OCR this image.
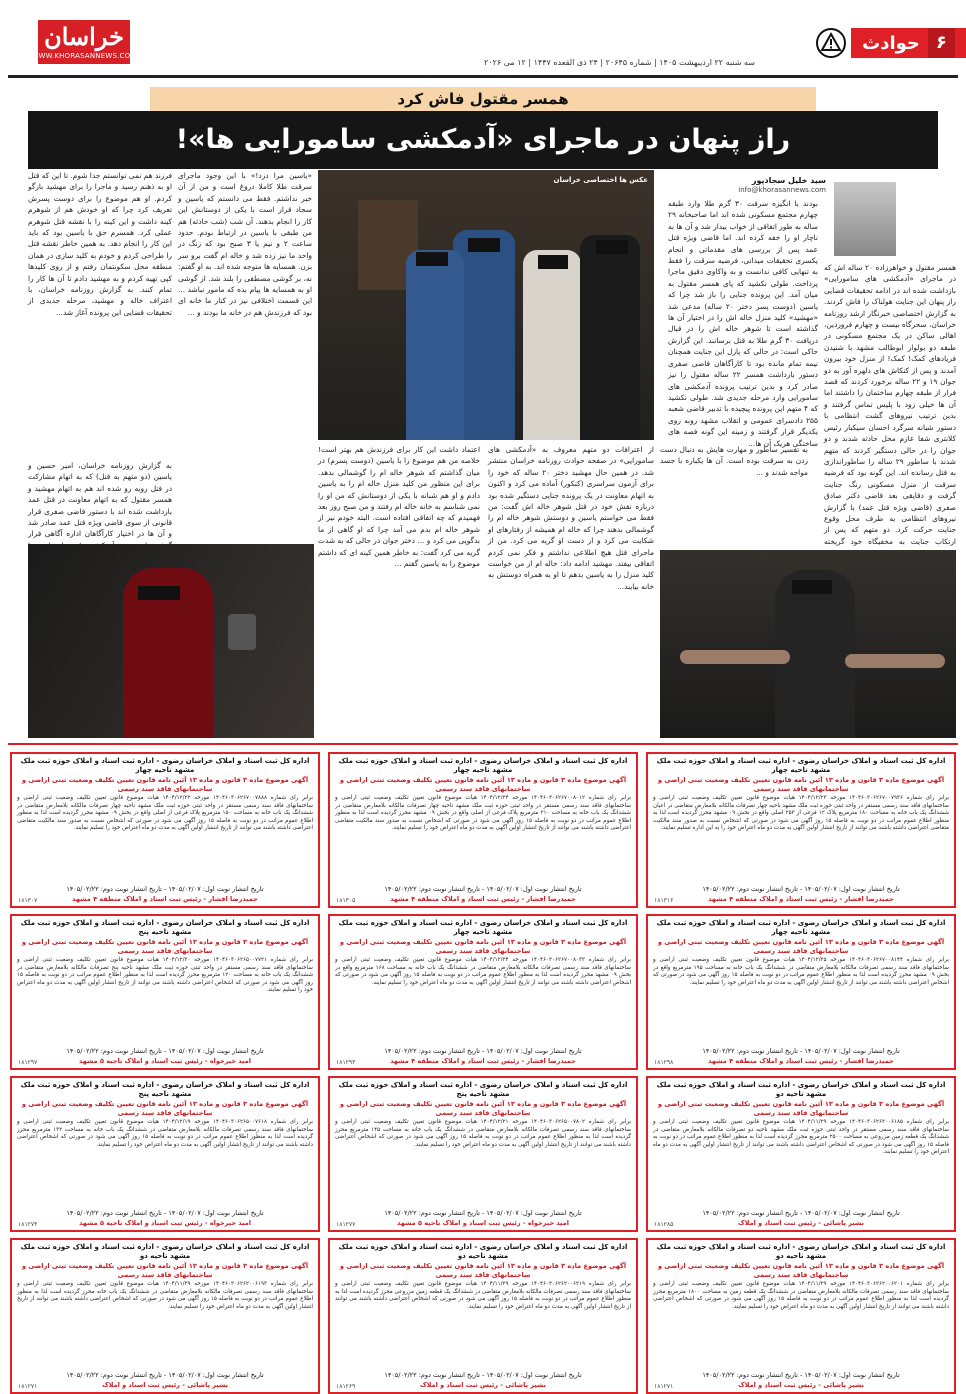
۶
حوادث
خراسان
WWW.KHORASANNEWS.COM
سه شنبه ۲۲ اردیبهشت ۱۴۰۵ | شماره ۲۰۶۴۵ | ۲۴ ذی القعده ۱۴۴۷ | ۱۲ می ۲۰۲۶
همسر مقتول فاش کرد
راز پنهان در ماجرای «آدمکشی سامورایی ها»!
سید خلیل سجادپور
info@khorasannews.com
همسر مقتول و خواهرزاده ۲۰ ساله اش که در ماجرای «آدمکشی های سامورایی» بازداشت شده اند در ادامه تحقیقات قضایی راز پنهان این جنایت هولناک را فاش کردند. به گزارش اختصاصی خبرنگار ارشد روزنامه خراسان، سحرگاه بیست و چهارم فروردین، اهالی ساکن در یک مجتمع مسکونی در طبقه دو بولوار ابوطالب مشهد با شنیدن فریادهای کمک! کمک! از منزل خود بیرون آمدند و پس از کنکاش های دلهره آور به دو جوان ۱۹ و ۲۲ ساله برخورد کردند که قصد فرار از طبقه چهارم ساختمان را داشتند اما آن ها خیلی زود با پلیس تماس گرفتند و بدین ترتیب نیروهای گشت انتظامی با دستور شبانه سرگرد احسان سیکبار رئیس کلانتری شفا عازم محل حادثه شدند و دو جوان را در حالی دستگیر کردند که متهم شدند با ساطور ۲۹ ساله را ساطوراندازی به قتل رسانده اند. این گونه بود که فرضیه سرقت از منزل مسکونی رنگ جنایت گرفت و دقایقی بعد قاضی دکتر صادق صفری (قاضی ویژه قتل عمد) با گزارش نیروهای انتظامی به طرف محل وقوع جنایت حرکت کرد. دو متهم که پس از ارتکاب جنایت به مخفیگاه خود گریخته
بودند با انگیزه سرقت ۳۰ گرم طلا وارد طبقه چهارم مجتمع مسکونی شده اند اما صاحبخانه ۲۹ ساله به طور اتفاقی از خواب بیدار شد و آن ها به ناچار او را خفه کرده اند. اما قاضی ویژه قتل عمد پس از بررسی های مقدماتی و انجام یکسری تحقیقات میدانی، فرضیه سرقت را فقط به تنهایی کافی ندانست و به واکاوی دقیق ماجرا پرداخت. طولی نکشید که پای همسر مقتول به میان آمد. این پرونده جنایی را باز شد چرا که یاسین (دوست پسر دختر ۲۰ ساله) مدعی شد «مهشید» کلید منزل خاله اش را در اختیار آن ها گذاشته است تا شوهر خاله اش را در قبال دریافت ۳۰ گرم طلا به قتل برسانند. این گزارش حاکی است: در حالی که پازل این جنایت همچنان نیمه تمام مانده بود تا کارآگاهان قاضی صفری دستور بازداشت همسر ۲۲ ساله مقتول را نیز صادر کرد و بدین ترتیب پرونده آدمکشی های سامورایی وارد مرحله جدیدی شد. طولی نکشید که ۴ متهم این پرونده پیچیده با تدبیر قاضی شعبه ۲۵۵ دادسرای عمومی و انقلاب مشهد روبه روی یکدیگر قرار گرفتند و زمینه این گونه فصه های ساختگی هریک آن ها...
عکس ها اختصاصی خراسان
از اعترافات دو متهم معروف به «آدمکشی های سامورایی» در صفحه حوادث روزنامه خراسان منتشر شد. در همین حال مهشید دختر ۲۰ ساله که خود را برای آزمون سراسری (کنکور) آماده می کرد و اکنون به اتهام معاونت در یک پرونده جنایی دستگیر شده بود درباره نقش خود در قتل شوهر خاله اش گفت: من فقط می خواستم یاسین و دوستش شوهر خاله ام را گوشمالی بدهند چرا که خاله ام همیشه از رفتارهای او شکایت می کرد و از دست او گریه می کرد. من از ماجرای قتل هیچ اطلاعی نداشتم و فکر نمی کردم اتفاقی بیفتد. مهشید ادامه داد: خاله ام از من خواست کلید منزل را به یاسین بدهم تا او به همراه دوستش به خانه بیایند...
اعتماد داشت این کار برای فرزندش هم بهتر است! خلاصه من هم موضوع را با یاسین (دوست پسرم) در میان گذاشتم که شوهر خاله ام را گوشمالی بدهد. برای این منظور من کلید منزل خاله ام را به یاسین دادم و او هم شبانه با یکی از دوستانش که من او را نمی شناسم به خانه خاله ام رفتند و من صبح روز بعد فهمیدم که چه اتفاقی افتاده است. البته خودم نیز از شوهر خاله ام بدم می آمد چرا که او گاهی از ما بدگویی می کرد و ... دختر جوان در حالی که به شدت گریه می کرد گفت: به خاطر همین کینه ای که داشتم موضوع را به یاسین گفتم ...
«یاسین مرا دزد!» با این وجود ماجرای سرقت طلا کاملا دروغ است و من از آن خبر نداشتم. فقط می دانستم که یاسین و سجاد قرار است با یکی از دوستانش این کار را انجام بدهند. آن شب (شب حادثه) هم من طبقی با یاسین در ارتباط بودم. حدود ساعت ۲ و نیم یا ۳ صبح بود که زنگ در واحد ما نیز زده شد و خاله ام گفت برو سر بزن. همسایه ها متوجه شده اند. به او گفتم: نه، بر گوشی مصطفی را بلند شد. از گوشی او به همسایه ها پیام بده که مامور نباشد ... این قسمت اختلافی نیز در کنار ما خانه ای بود که فرزندش هم در خانه ما بودند و ...
فرزند هم نمی توانستم جدا شوم. تا این که قتل او به ذهنم رسید و ماجرا را برای مهشید بازگو کردم. او هم موضوع را برای دوست پسرش تعریف کرد چرا که او خودش هم از شوهرم کینه داشت و این کینه را با نقشه قتل شوهرم عملی کرد. همسرم حق با یاسین بود که باید این کار را انجام دهد. به همین خاطر نقشه قتل را طراحی کردم و خودم به کلید سازی در همان منطقه محل سکونتمان رفتم و از روی کلیدها کپی تهیه کردم و به مهشید دادم تا آن ها کار را تمام کنند. به گزارش روزنامه خراسان، با اعتراف خاله و مهشید، مرحله جدیدی از تحقیقات قضایی این پرونده آغاز شد...
به گزارش روزنامه خراسان، امیر حسین و یاسین (دو متهم به قتل) که به اتهام مشارکت در قتل روبه رو شده اند هم به اتهام مهشید و همسر مقتول که به اتهام معاونت در قتل عمد بازداشت شده اند با دستور قاضی صفری قرار قانونی از سوی قاضی ویژه قتل عمد صادر شد و آن ها در اختیار کارآگاهان اداره آگاهی قرار
به تفسیر ساطور و مهارت هایش به دنبال دست زدن به سرقت بوده است. آن ها یکباره با جسد مواجه شدند و ...
اداره کل ثبت اسناد و املاک خراسان رضوی - اداره ثبت اسناد و املاک حوزه ثبت ملک مشهد ناحیه چهار
آگهی موضوع ماده ۳ قانون و ماده ۱۳ آئین نامه قانون تعیین تکلیف وضعیت ثبتی اراضی و ساختمانهای فاقد سند رسمی
برابر رای شماره ۱۴۰۴۶۰۳۰۶۲۶۷۰۰۷۹۳۶ مورخه ۱۴۰۴/۱۲/۲۳ هیات موضوع قانون تعیین تکلیف وضعیت ثبتی اراضی و ساختمانهای فاقد سند رسمی مستقر در واحد ثبتی حوزه ثبت ملک مشهد ناحیه چهار تصرفات مالکانه بلامعارض متقاضی در اعیان ششدانگ یک باب خانه به مساحت ۱۸۰ مترمربع پلاک ۱۲ فرعی از ۲۵۳ اصلی واقع در بخش ۰۹ مشهد محرز گردیده است لذا به منظور اطلاع عموم مراتب در دو نوبت به فاصله ۱۵ روز آگهی می شود در صورتی که اشخاص نسبت به صدور سند مالکیت متقاضی اعتراضی داشته باشند می توانند از تاریخ انتشار اولین آگهی به مدت دو ماه اعتراض خود را به این اداره تسلیم نمایند.
تاریخ انتشار نوبت اول: ۱۴۰۵/۰۲/۰۷ - تاریخ انتشار نوبت دوم: ۱۴۰۵/۰۲/۲۲
حمیدرضا افشار - رئیس ثبت اسناد و املاک منطقه ۴ مشهد
۱۸۱۳۱۶
اداره کل ثبت اسناد و املاک خراسان رضوی - اداره ثبت اسناد و املاک حوزه ثبت ملک مشهد ناحیه چهار
آگهی موضوع ماده ۳ قانون و ماده ۱۳ آئین نامه قانون تعیین تکلیف وضعیت ثبتی اراضی و ساختمانهای فاقد سند رسمی
برابر رای شماره ۱۴۰۴۶۰۳۰۶۲۶۷۰۰۸۰۱۲ مورخه ۱۴۰۴/۱۲/۲۴ هیات موضوع قانون تعیین تکلیف وضعیت ثبتی اراضی و ساختمانهای فاقد سند رسمی مستقر در واحد ثبتی حوزه ثبت ملک مشهد ناحیه چهار تصرفات مالکانه بلامعارض متقاضی در ششدانگ یک باب خانه به مساحت ۲۱۰ مترمربع پلاک فرعی از اصلی واقع در بخش ۰۹ مشهد محرز گردیده است لذا به منظور اطلاع عموم مراتب در دو نوبت به فاصله ۱۵ روز آگهی می شود در صورتی که اشخاص نسبت به صدور سند مالکیت متقاضی اعتراضی داشته باشند می توانند از تاریخ انتشار اولین آگهی به مدت دو ماه اعتراض خود را تسلیم نمایند.
تاریخ انتشار نوبت اول: ۱۴۰۵/۰۲/۰۷ - تاریخ انتشار نوبت دوم: ۱۴۰۵/۰۲/۲۲
حمیدرضا افشار - رئیس ثبت اسناد و املاک منطقه ۴ مشهد
۱۸۱۳۰۵
اداره کل ثبت اسناد و املاک خراسان رضوی - اداره ثبت اسناد و املاک حوزه ثبت ملک مشهد ناحیه چهار
آگهی موضوع ماده ۳ قانون و ماده ۱۳ آئین نامه قانون تعیین تکلیف وضعیت ثبتی اراضی و ساختمانهای فاقد سند رسمی
برابر رای شماره ۱۴۰۴۶۰۳۰۶۲۶۷۰۰۷۸۸۸ مورخه ۱۴۰۴/۱۲/۲۲ هیات موضوع قانون تعیین تکلیف وضعیت ثبتی اراضی و ساختمانهای فاقد سند رسمی مستقر در واحد ثبتی حوزه ثبت ملک مشهد ناحیه چهار تصرفات مالکانه بلامعارض متقاضی در ششدانگ یک باب خانه به مساحت ۱۵۰ مترمربع پلاک فرعی از اصلی واقع در بخش ۰۹ مشهد محرز گردیده است لذا به منظور اطلاع عموم مراتب در دو نوبت به فاصله ۱۵ روز آگهی می شود در صورتی که اشخاص نسبت به صدور سند مالکیت متقاضی اعتراضی داشته باشند می توانند از تاریخ انتشار اولین آگهی به مدت دو ماه اعتراض خود را تسلیم نمایند.
تاریخ انتشار نوبت اول: ۱۴۰۵/۰۲/۰۷ - تاریخ انتشار نوبت دوم: ۱۴۰۵/۰۲/۲۲
حمیدرضا افشار - رئیس ثبت اسناد و املاک منطقه ۴ مشهد
۱۸۱۳۰۷
اداره کل ثبت اسناد و املاک خراسان رضوی - اداره ثبت اسناد و املاک حوزه ثبت ملک مشهد ناحیه چهار
آگهی موضوع ماده ۳ قانون و ماده ۱۳ آئین نامه قانون تعیین تکلیف وضعیت ثبتی اراضی و ساختمانهای فاقد سند رسمی
برابر رای شماره ۱۴۰۴۶۰۳۰۶۲۶۷۰۰۸۱۴۴ مورخه ۱۴۰۴/۱۲/۲۵ هیات موضوع قانون تعیین تکلیف وضعیت ثبتی اراضی و ساختمانهای فاقد سند رسمی تصرفات مالکانه بلامعارض متقاضی در ششدانگ یک باب خانه به مساحت ۱۹۵ مترمربع واقع در بخش ۰۹ مشهد محرز گردیده است لذا به منظور اطلاع عموم مراتب در دو نوبت به فاصله ۱۵ روز آگهی می شود در صورتی که اشخاص اعتراضی داشته باشند می توانند از تاریخ انتشار اولین آگهی به مدت دو ماه اعتراض خود را تسلیم نمایند.
تاریخ انتشار نوبت اول: ۱۴۰۵/۰۲/۰۷ - تاریخ انتشار نوبت دوم: ۱۴۰۵/۰۲/۲۲
حمیدرضا افشار - رئیس ثبت اسناد و املاک منطقه ۴ مشهد
۱۸۱۲۹۸
اداره کل ثبت اسناد و املاک خراسان رضوی - اداره ثبت اسناد و املاک حوزه ثبت ملک مشهد ناحیه چهار
آگهی موضوع ماده ۳ قانون و ماده ۱۳ آئین نامه قانون تعیین تکلیف وضعیت ثبتی اراضی و ساختمانهای فاقد سند رسمی
برابر رای شماره ۱۴۰۴۶۰۳۰۶۲۶۷۰۰۸۰۳۳ مورخه ۱۴۰۴/۱۲/۲۴ هیات موضوع قانون تعیین تکلیف وضعیت ثبتی اراضی و ساختمانهای فاقد سند رسمی تصرفات مالکانه بلامعارض متقاضی در ششدانگ یک باب خانه به مساحت ۱۶۸ مترمربع واقع در بخش ۰۹ مشهد محرز گردیده است لذا به منظور اطلاع عموم مراتب در دو نوبت به فاصله ۱۵ روز آگهی می شود در صورتی که اشخاص اعتراضی داشته باشند می توانند از تاریخ انتشار اولین آگهی به مدت دو ماه اعتراض خود را تسلیم نمایند.
تاریخ انتشار نوبت اول: ۱۴۰۵/۰۲/۰۷ - تاریخ انتشار نوبت دوم: ۱۴۰۵/۰۲/۲۲
حمیدرضا افشار - رئیس ثبت اسناد و املاک منطقه ۴ مشهد
۱۸۱۲۹۳
اداره کل ثبت اسناد و املاک خراسان رضوی - اداره ثبت اسناد و املاک حوزه ثبت ملک مشهد ناحیه پنج
آگهی موضوع ماده ۳ قانون و ماده ۱۳ آئین نامه قانون تعیین تکلیف وضعیت ثبتی اراضی و ساختمانهای فاقد سند رسمی
برابر رای شماره ۱۴۰۴۶۰۳۰۶۲۶۵۰۰۷۷۲۱ مورخه ۱۴۰۴/۱۲/۲۰ هیات موضوع قانون تعیین تکلیف وضعیت ثبتی اراضی و ساختمانهای فاقد سند رسمی مستقر در واحد ثبتی حوزه ثبت ملک مشهد ناحیه پنج تصرفات مالکانه بلامعارض متقاضی در ششدانگ یک باب خانه به مساحت ۱۲۰ مترمربع محرز گردیده است لذا به منظور اطلاع عموم مراتب در دو نوبت به فاصله ۱۵ روز آگهی می شود در صورتی که اشخاص اعتراضی داشته باشند می توانند از تاریخ انتشار اولین آگهی به مدت دو ماه اعتراض خود را تسلیم نمایند.
تاریخ انتشار نوبت اول: ۱۴۰۵/۰۲/۰۷ - تاریخ انتشار نوبت دوم: ۱۴۰۵/۰۲/۲۲
امید خیرخواه - رئیس ثبت اسناد و املاک ناحیه ۵ مشهد
۱۸۱۲۹۷
اداره کل ثبت اسناد و املاک خراسان رضوی - اداره ثبت اسناد و املاک حوزه ثبت ملک مشهد ناحیه دو
آگهی موضوع ماده ۳ قانون و ماده ۱۳ آئین نامه قانون تعیین تکلیف وضعیت ثبتی اراضی و ساختمانهای فاقد سند رسمی
برابر رای شماره ۱۴۰۴۶۰۳۰۶۲۶۲۰۰۶۱۸۵ مورخه ۱۴۰۴/۱۱/۲۹ هیات موضوع قانون تعیین تکلیف وضعیت ثبتی اراضی و ساختمانهای فاقد سند رسمی مستقر در واحد ثبتی حوزه ثبت ملک مشهد ناحیه دو تصرفات مالکانه بلامعارض متقاضی در ششدانگ یک قطعه زمین مزروعی به مساحت ۲۵۰۰ مترمربع محرز گردیده است لذا به منظور اطلاع عموم مراتب در دو نوبت به فاصله ۱۵ روز آگهی می شود در صورتی که اشخاص اعتراضی داشته باشند می توانند از تاریخ انتشار اولین آگهی به مدت دو ماه اعتراض خود را تسلیم نمایند.
تاریخ انتشار نوبت اول: ۱۴۰۵/۰۲/۰۷ - تاریخ انتشار نوبت دوم: ۱۴۰۵/۰۲/۲۲
بشیر پاشائی - رئیس ثبت اسناد و املاک
۱۸۱۲۸۵
اداره کل ثبت اسناد و املاک خراسان رضوی - اداره ثبت اسناد و املاک حوزه ثبت ملک مشهد ناحیه پنج
آگهی موضوع ماده ۳ قانون و ماده ۱۳ آئین نامه قانون تعیین تکلیف وضعیت ثبتی اراضی و ساختمانهای فاقد سند رسمی
برابر رای شماره ۱۴۰۴۶۰۳۰۶۲۶۵۰۰۷۸۰۲ مورخه ۱۴۰۴/۱۲/۲۱ هیات موضوع قانون تعیین تکلیف وضعیت ثبتی اراضی و ساختمانهای فاقد سند رسمی تصرفات مالکانه بلامعارض متقاضی در ششدانگ یک باب خانه به مساحت ۱۴۵ مترمربع محرز گردیده است لذا به منظور اطلاع عموم مراتب در دو نوبت به فاصله ۱۵ روز آگهی می شود در صورتی که اشخاص اعتراضی داشته باشند می توانند از تاریخ انتشار اولین آگهی به مدت دو ماه اعتراض خود را تسلیم نمایند.
تاریخ انتشار نوبت اول: ۱۴۰۵/۰۲/۰۷ - تاریخ انتشار نوبت دوم: ۱۴۰۵/۰۲/۲۲
امید خیرخواه - رئیس ثبت اسناد و املاک ناحیه ۵ مشهد
۱۸۱۲۷۷
اداره کل ثبت اسناد و املاک خراسان رضوی - اداره ثبت اسناد و املاک حوزه ثبت ملک مشهد ناحیه پنج
آگهی موضوع ماده ۳ قانون و ماده ۱۳ آئین نامه قانون تعیین تکلیف وضعیت ثبتی اراضی و ساختمانهای فاقد سند رسمی
برابر رای شماره ۱۴۰۴۶۰۳۰۶۲۶۵۰۰۷۶۱۸ مورخه ۱۴۰۴/۱۲/۱۹ هیات موضوع قانون تعیین تکلیف وضعیت ثبتی اراضی و ساختمانهای فاقد سند رسمی تصرفات مالکانه بلامعارض متقاضی در ششدانگ یک باب خانه به مساحت ۱۳۲ مترمربع محرز گردیده است لذا به منظور اطلاع عموم مراتب در دو نوبت به فاصله ۱۵ روز آگهی می شود در صورتی که اشخاص اعتراضی داشته باشند می توانند از تاریخ انتشار اولین آگهی به مدت دو ماه اعتراض خود را تسلیم نمایند.
تاریخ انتشار نوبت اول: ۱۴۰۵/۰۲/۰۷ - تاریخ انتشار نوبت دوم: ۱۴۰۵/۰۲/۲۲
امید خیرخواه - رئیس ثبت اسناد و املاک ناحیه ۵ مشهد
۱۸۱۲۷۴
اداره کل ثبت اسناد و املاک خراسان رضوی - اداره ثبت اسناد و املاک حوزه ثبت ملک مشهد ناحیه دو
آگهی موضوع ماده ۳ قانون و ماده ۱۳ آئین نامه قانون تعیین تکلیف وضعیت ثبتی اراضی و ساختمانهای فاقد سند رسمی
برابر رای شماره ۱۴۰۴۶۰۳۰۶۲۶۲۰۰۶۲۰۱ مورخه ۱۴۰۴/۱۱/۲۹ هیات موضوع قانون تعیین تکلیف وضعیت ثبتی اراضی و ساختمانهای فاقد سند رسمی تصرفات مالکانه بلامعارض متقاضی در ششدانگ یک قطعه زمین به مساحت ۱۸۰۰ مترمربع محرز گردیده است لذا به منظور اطلاع عموم مراتب در دو نوبت به فاصله ۱۵ روز آگهی می شود در صورتی که اشخاص اعتراضی داشته باشند می توانند از تاریخ انتشار اولین آگهی به مدت دو ماه اعتراض خود را تسلیم نمایند.
تاریخ انتشار نوبت اول: ۱۴۰۵/۰۲/۰۷ - تاریخ انتشار نوبت دوم: ۱۴۰۵/۰۲/۲۲
بشیر پاشائی - رئیس ثبت اسناد و املاک
۱۸۱۲۷۱
اداره کل ثبت اسناد و املاک خراسان رضوی - اداره ثبت اسناد و املاک حوزه ثبت ملک مشهد ناحیه دو
آگهی موضوع ماده ۳ قانون و ماده ۱۳ آئین نامه قانون تعیین تکلیف وضعیت ثبتی اراضی و ساختمانهای فاقد سند رسمی
برابر رای شماره ۱۴۰۴۶۰۳۰۶۲۶۲۰۰۶۲۱۹ مورخه ۱۴۰۴/۱۱/۲۹ هیات موضوع قانون تعیین تکلیف وضعیت ثبتی اراضی و ساختمانهای فاقد سند رسمی تصرفات مالکانه بلامعارض متقاضی در ششدانگ یک قطعه زمین مزروعی محرز گردیده است لذا به منظور اطلاع عموم مراتب در دو نوبت به فاصله ۱۵ روز آگهی می شود در صورتی که اشخاص اعتراضی داشته باشند می توانند از تاریخ انتشار اولین آگهی به مدت دو ماه اعتراض خود را تسلیم نمایند.
تاریخ انتشار نوبت اول: ۱۴۰۵/۰۲/۰۷ - تاریخ انتشار نوبت دوم: ۱۴۰۵/۰۲/۲۲
بشیر پاشائی - رئیس ثبت اسناد و املاک
۱۸۱۲۶۹
اداره کل ثبت اسناد و املاک خراسان رضوی - اداره ثبت اسناد و املاک حوزه ثبت ملک مشهد ناحیه دو
آگهی موضوع ماده ۳ قانون و ماده ۱۳ آئین نامه قانون تعیین تکلیف وضعیت ثبتی اراضی و ساختمانهای فاقد سند رسمی
برابر رای شماره ۱۴۰۴۶۰۳۰۶۲۶۲۰۰۶۱۹۳ مورخه ۱۴۰۴/۱۱/۲۹ هیات موضوع قانون تعیین تکلیف وضعیت ثبتی اراضی و ساختمانهای فاقد سند رسمی تصرفات مالکانه بلامعارض متقاضی در ششدانگ یک باب خانه محرز گردیده است لذا به منظور اطلاع عموم مراتب در دو نوبت به فاصله ۱۵ روز آگهی می شود در صورتی که اشخاص اعتراضی داشته باشند می توانند از تاریخ انتشار اولین آگهی به مدت دو ماه اعتراض خود را تسلیم نمایند.
تاریخ انتشار نوبت اول: ۱۴۰۵/۰۲/۰۷ - تاریخ انتشار نوبت دوم: ۱۴۰۵/۰۲/۲۲
بشیر پاشائی - رئیس ثبت اسناد و املاک
۱۸۱۲۷۱
